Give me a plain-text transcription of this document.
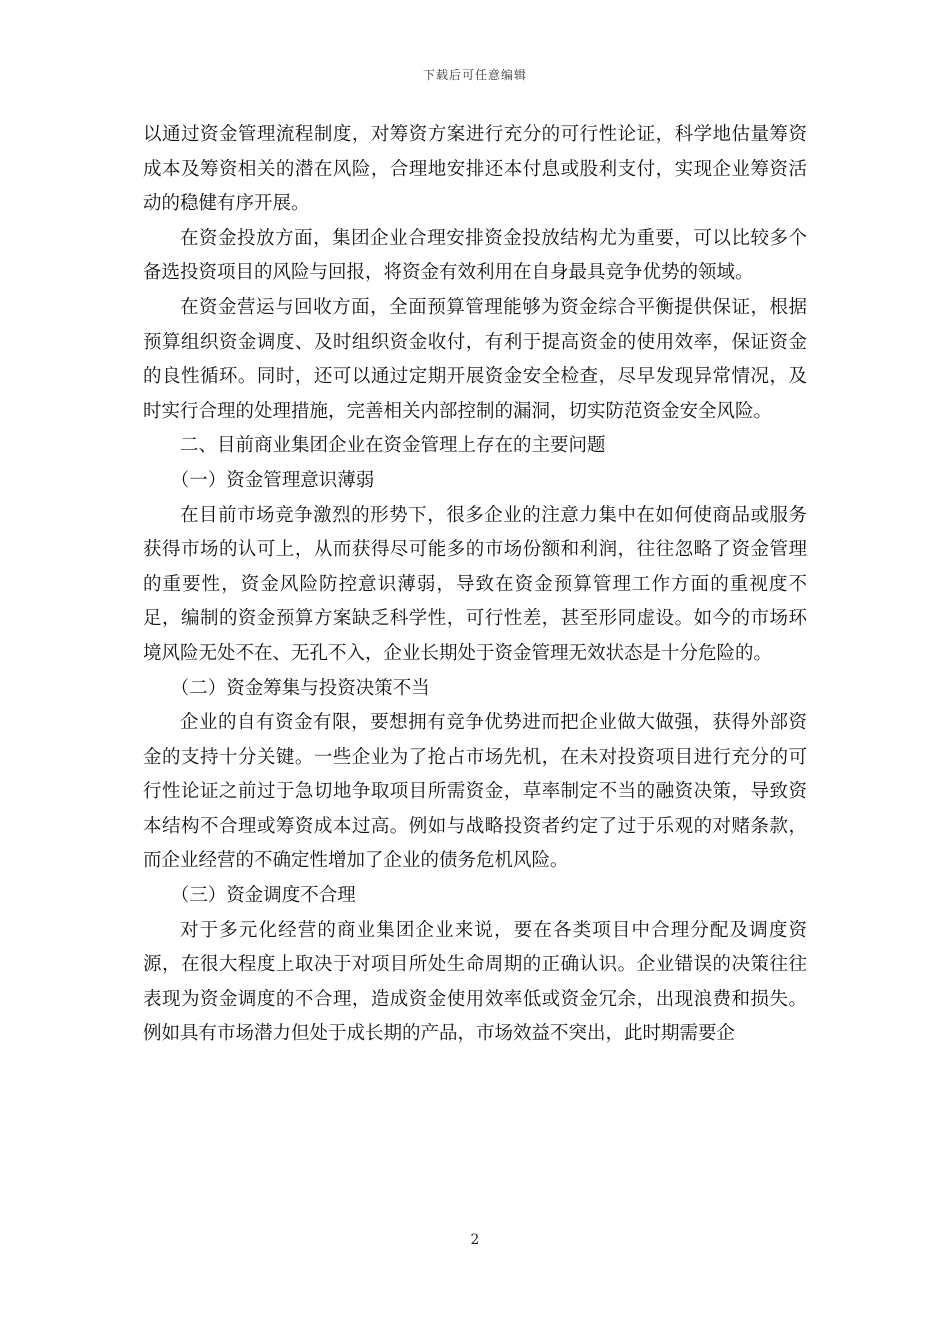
下载后可任意编辑

以通过资金管理流程制度，对筹资方案进行充分的可行性论证，科学地估量筹资成本及筹资相关的潜在风险，合理地安排还本付息或股利支付，实现企业筹资活动的稳健有序开展。

在资金投放方面，集团企业合理安排资金投放结构尤为重要，可以比较多个备选投资项目的风险与回报，将资金有效利用在自身最具竞争优势的领域。

在资金营运与回收方面，全面预算管理能够为资金综合平衡提供保证，根据预算组织资金调度、及时组织资金收付，有利于提高资金的使用效率，保证资金的良性循环。同时，还可以通过定期开展资金安全检查，尽早发现异常情况，及时实行合理的处理措施，完善相关内部控制的漏洞，切实防范资金安全风险。

二、目前商业集团企业在资金管理上存在的主要问题

（一）资金管理意识薄弱

在目前市场竞争激烈的形势下，很多企业的注意力集中在如何使商品或服务获得市场的认可上，从而获得尽可能多的市场份额和利润，往往忽略了资金管理的重要性，资金风险防控意识薄弱，导致在资金预算管理工作方面的重视度不足，编制的资金预算方案缺乏科学性，可行性差，甚至形同虚设。如今的市场环境风险无处不在、无孔不入，企业长期处于资金管理无效状态是十分危险的。

（二）资金筹集与投资决策不当

企业的自有资金有限，要想拥有竞争优势进而把企业做大做强，获得外部资金的支持十分关键。一些企业为了抢占市场先机，在未对投资项目进行充分的可行性论证之前过于急切地争取项目所需资金，草率制定不当的融资决策，导致资本结构不合理或筹资成本过高。例如与战略投资者约定了过于乐观的对赌条款，而企业经营的不确定性增加了企业的债务危机风险。

（三）资金调度不合理

对于多元化经营的商业集团企业来说，要在各类项目中合理分配及调度资源，在很大程度上取决于对项目所处生命周期的正确认识。企业错误的决策往往表现为资金调度的不合理，造成资金使用效率低或资金冗余，出现浪费和损失。例如具有市场潜力但处于成长期的产品，市场效益不突出，此时期需要企

2
